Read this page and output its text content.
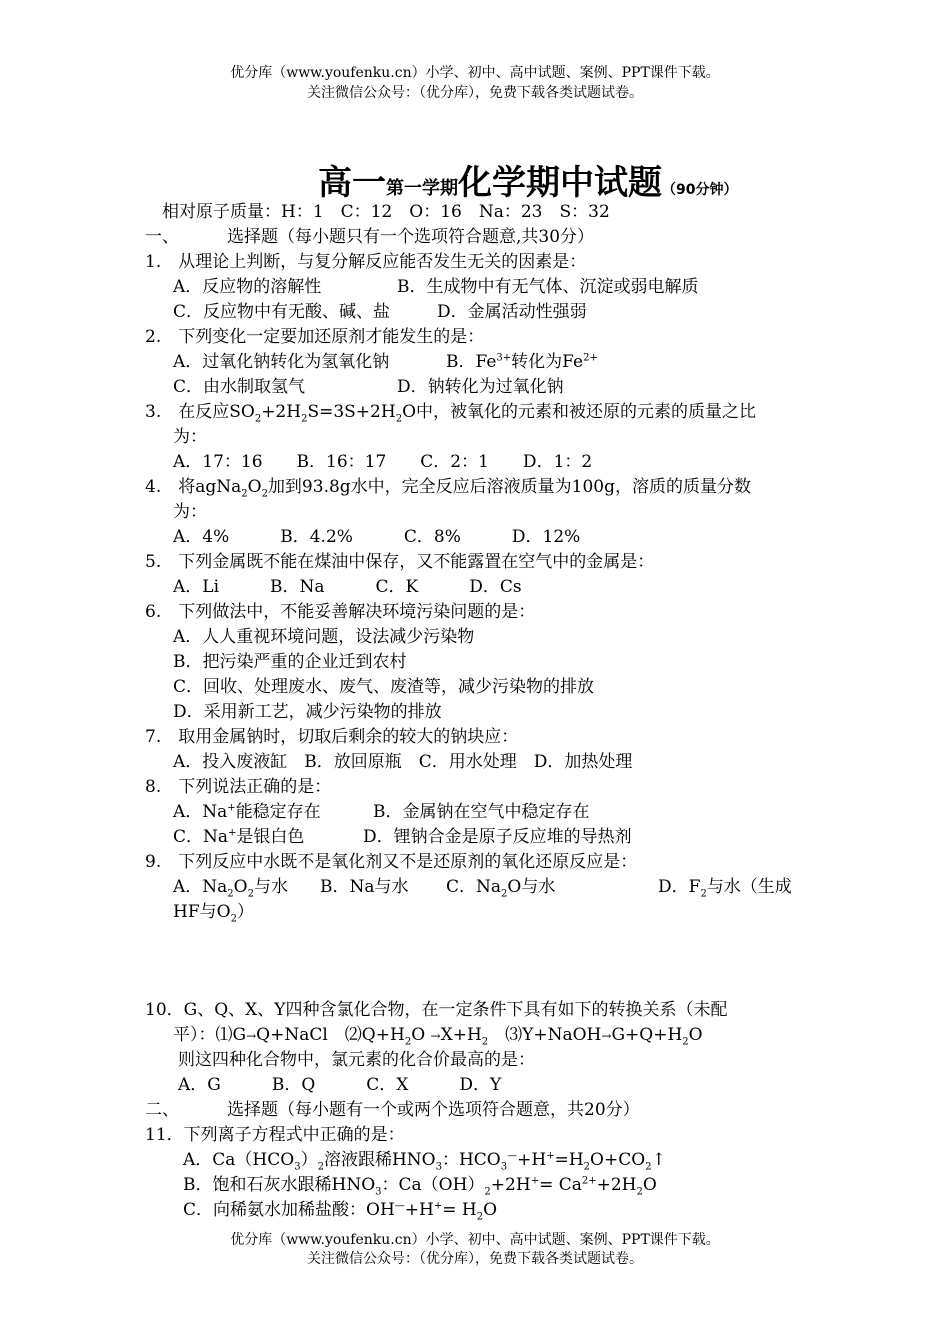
优分库（www.youfenku.cn）小学、初中、高中试题、案例、PPT课件下载。
关注微信公众号：（优分库），免费下载各类试题试卷。
高一第一学期化学期中试题（90分钟）
相对原子质量：H：1　C：12　O：16　Na：23　S：32
一、	选择题（每小题只有一个选项符合题意,共30分）
1.　从理论上判断，与复分解反应能否发生无关的因素是：
A．反应物的溶解性	B．生成物中有无气体、沉淀或弱电解质
C．反应物中有无酸、碱、盐	D．金属活动性强弱
2.　下列变化一定要加还原剂才能发生的是：
A．过氧化钠转化为氢氧化钠	B．$Fe^{3+}$转化为$Fe^{2+}$
C．由水制取氢气	D．钠转化为过氧化钠
3.　在反应$SO_2+2H_2S=3S+2H_2O$中，被氧化的元素和被还原的元素的质量之比
为：
A．17：16　　B．16：17　　C．2：1　　D．1：2
4.　将$agNa_2O_2$加到93.8g水中，完全反应后溶液质量为100g，溶质的质量分数
为：
A．4%　　　B．4.2%　　　C．8%　　　D．12%
5.　下列金属既不能在煤油中保存，又不能露置在空气中的金属是：
A．Li　　　B．Na　　　C．K　　　D．Cs
6.　下列做法中，不能妥善解决环境污染问题的是：
A．人人重视环境问题，设法减少污染物
B．把污染严重的企业迁到农村
C．回收、处理废水、废气、废渣等，减少污染物的排放
D．采用新工艺，减少污染物的排放
7.　取用金属钠时，切取后剩余的较大的钠块应：
A．投入废液缸　B．放回原瓶　C．用水处理　D．加热处理
8.　下列说法正确的是：
A．Na+能稳定存在	B．金属钠在空气中稳定存在
C．Na+是银白色	D．锂钠合金是原子反应堆的导热剂
9.　下列反应中水既不是氧化剂又不是还原剂的氧化还原反应是：
A．$Na_2O_2$与水 B．Na与水 C．$Na_2O$与水	D．$F_2$与水（生成
HF与$O_2$）
10．G、Q、X、Y四种含氯化合物，在一定条件下具有如下的转换关系（未配
平）：⑴G→Q+NaCl　$⑵Q+H_2O \to X+H_2$　$⑶Y+NaOH\to G+Q+H_2O$
则这四种化合物中，氯元素的化合价最高的是：
A．G　　　B．Q　　　C．X　　　D．Y
二、	选择题（每小题有一个或两个选项符合题意，共20分）
11．下列离子方程式中正确的是：
A．$Ca(HCO_3)_2$溶液跟稀$HNO_3$：$HCO_3^—+H^+=H_2O+CO_2↑$
B．饱和石灰水跟稀$HNO_3$：$Ca(OH)_2+2H^+= Ca^{2+}+2H_2O$
C．向稀氨水加稀盐酸：$OH^—+H^+= H_2O$
优分库（www.youfenku.cn）小学、初中、高中试题、案例、PPT课件下载。
关注微信公众号：（优分库），免费下载各类试题试卷。
